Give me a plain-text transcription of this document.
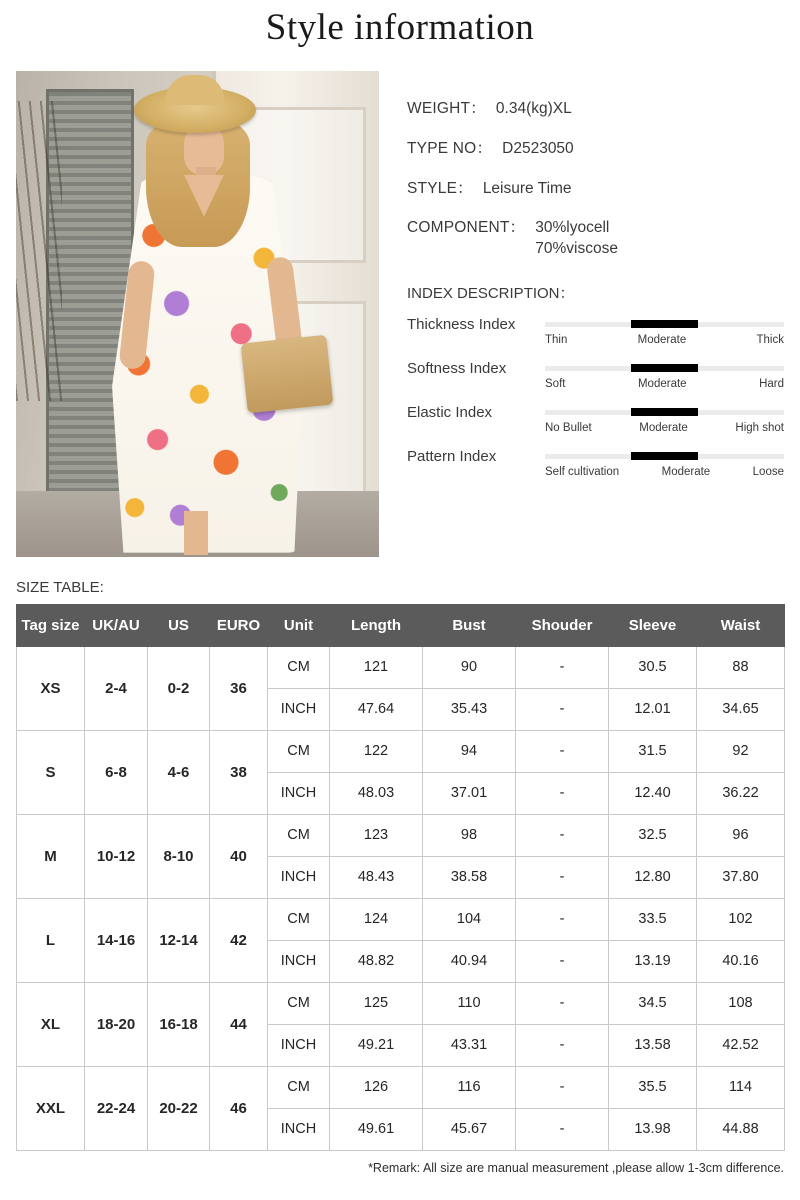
Style information
WEIGHT： 0.34(kg)XL
TYPE NO： D2523050
STYLE： Leisure Time
COMPONENT： 30%lyocell
70%viscose
INDEX DESCRIPTION：
Thickness Index
Thin	Moderate	Thick
Softness Index
Soft	Moderate	Hard
Elastic Index
No Bullet	Moderate	High shot
Pattern Index
Self cultivation	Moderate	Loose
SIZE TABLE:
Tag size	UK/AU	US	EURO	Unit	Length	Bust	Shouder	Sleeve	Waist
XS	2-4	0-2	36	CM	121	90	-	30.5	88
				INCH	47.64	35.43	-	12.01	34.65
S	6-8	4-6	38	CM	122	94	-	31.5	92
				INCH	48.03	37.01	-	12.40	36.22
M	10-12	8-10	40	CM	123	98	-	32.5	96
				INCH	48.43	38.58	-	12.80	37.80
L	14-16	12-14	42	CM	124	104	-	33.5	102
				INCH	48.82	40.94	-	13.19	40.16
XL	18-20	16-18	44	CM	125	110	-	34.5	108
				INCH	49.21	43.31	-	13.58	42.52
XXL	22-24	20-22	46	CM	126	116	-	35.5	114
				INCH	49.61	45.67	-	13.98	44.88
*Remark: All size are manual measurement ,please allow 1-3cm difference.
